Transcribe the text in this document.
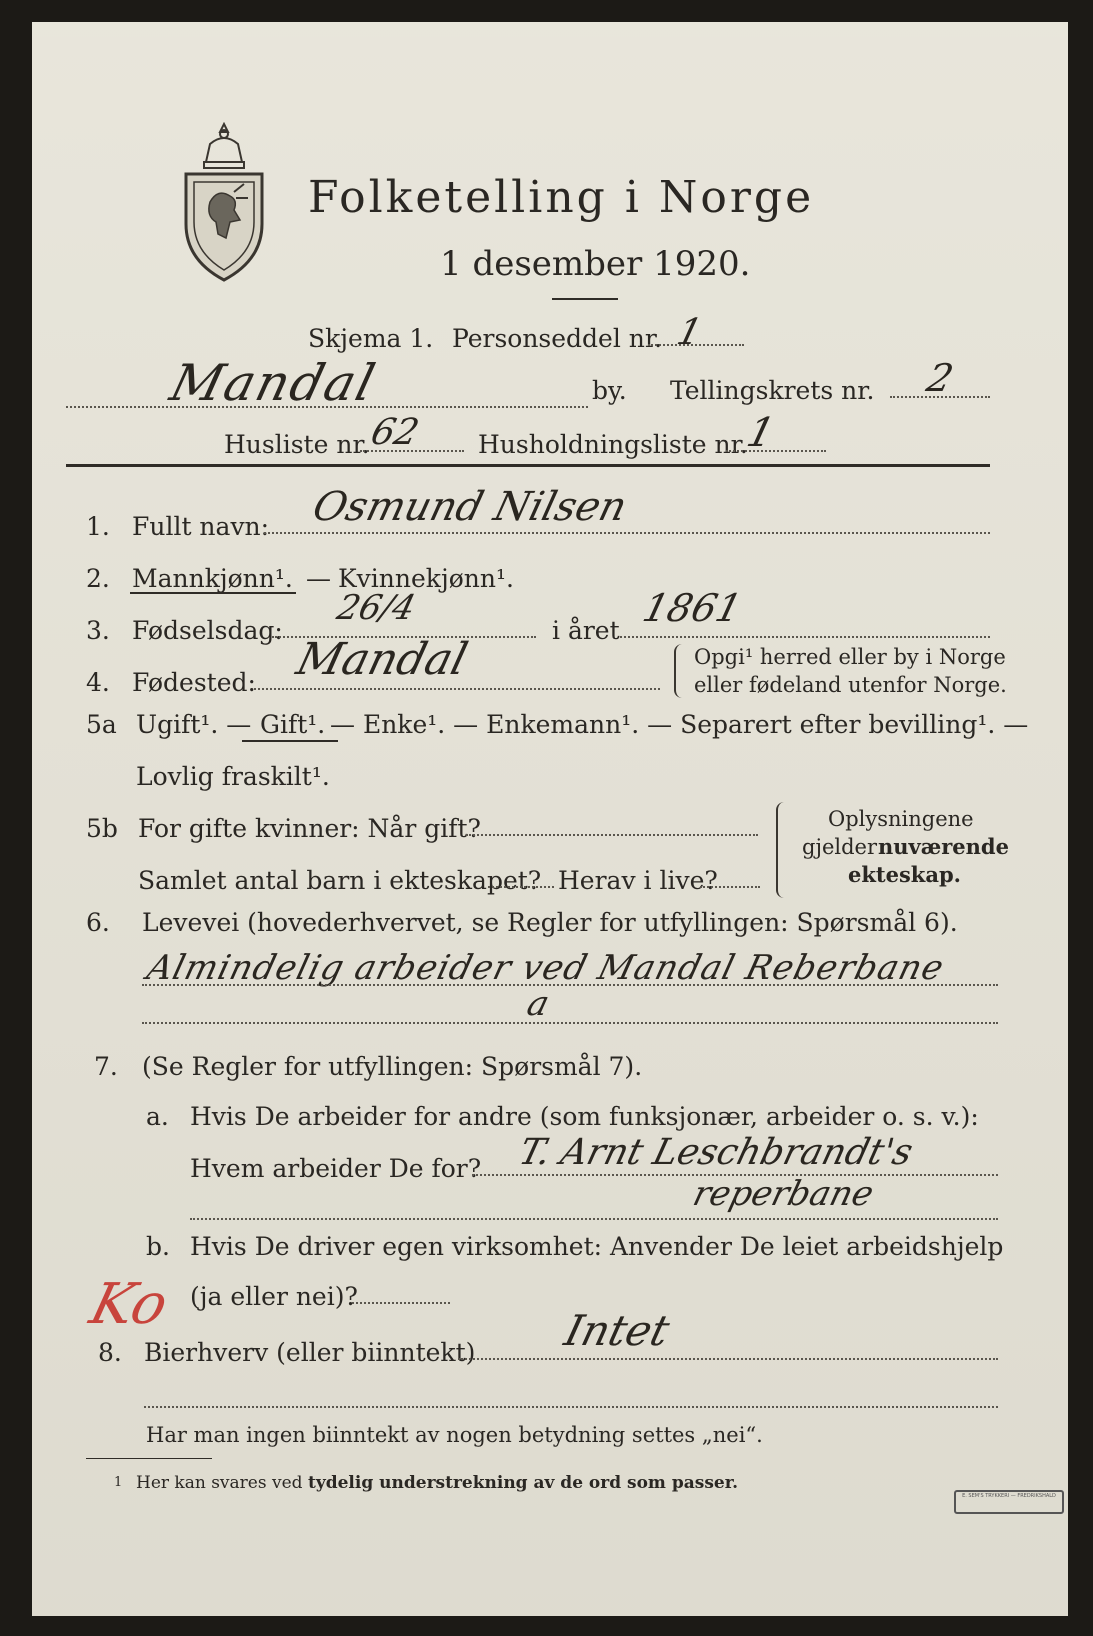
Folketelling i Norge
1 desember 1920.
Skjema 1. Personseddel nr. 1
Mandal	by. Tellingskrets nr. 2
Husliste nr.
62 Husholdningsliste nr.
1
1. Fullt navn: Osmund Nilsen
2. Mannkjønn¹. — Kvinnekjønn¹.
3. Fødselsdag:
26/4
i året
1861
4. Fødested: Mandal	Opgi¹ herred eller by i Norge
eller fødeland utenfor Norge.
5a Ugift¹. — Gift¹. — Enke¹. — Enkemann¹. — Separert efter bevilling¹. —
Lovlig fraskilt¹.
5b For gifte kvinner: Når gift?
Samlet antal barn i ekteskapet? Herav i live?
Oplysningene
gjelder nuværende
ekteskap.
6. Levevei (hovederhvervet, se Regler for utfyllingen: Spørsmål 6).
Almindelig arbeider ved Mandal Reberbane
a
7. (Se Regler for utfyllingen: Spørsmål 7).
a. Hvis De arbeider for andre (som funksjonær, arbeider o. s. v.):
Hvem arbeider De for? T. Arnt Leschbrandt's
reperbane
b. Hvis De driver egen virksomhet: Anvender De leiet arbeidshjelp
(ja eller nei)?
Ko
8. Bierhverv (eller biinntekt) Intet
Har man ingen biinntekt av nogen betydning settes „nei“.
1 Her kan svares ved tydelig understrekning av de ord som passer.
E. SEM'S TRYKKERI — FREDRIKSHALD
